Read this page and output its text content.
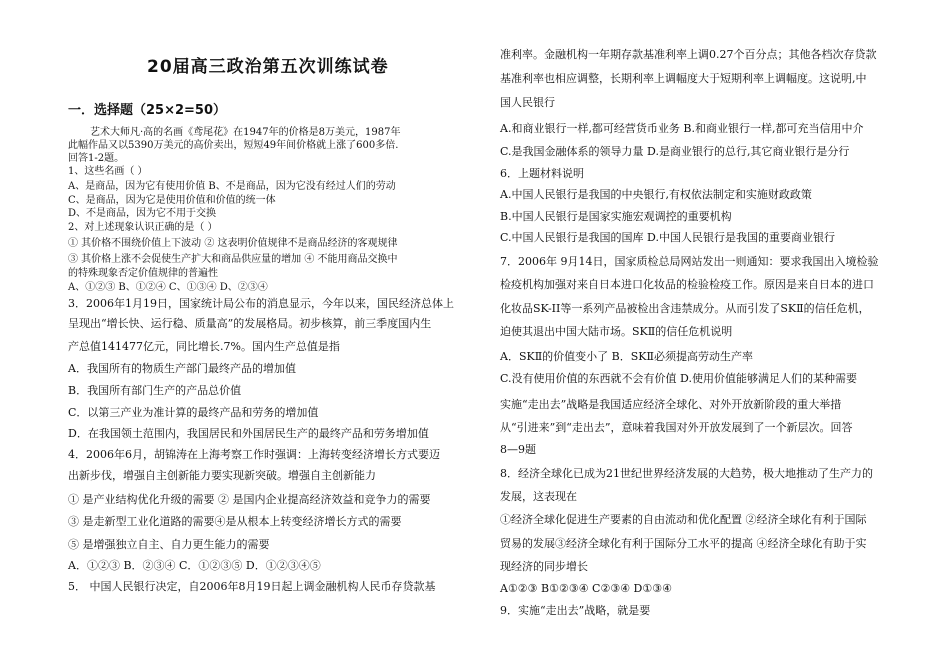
20届高三政治第五次训练试卷
一．选择题（25×2=50）
艺术大师凡·高的名画《鸢尾花》在1947年的价格是8万美元，1987年
此幅作品又以5390万美元的高价卖出，短短49年间价格就上涨了600多倍.
回答1-2题。
1、这些名画（ ）
A、是商品，因为它有使用价值 B、不是商品，因为它没有经过人们的劳动
C、是商品，因为它是使用价值和价值的统一体
D、不是商品，因为它不用于交换
2、对上述现象认识正确的是（ ）
① 其价格不围绕价值上下波动 ② 这表明价值规律不是商品经济的客观规律
③ 其价格上涨不会促使生产扩大和商品供应量的增加 ④ 不能用商品交换中
的特殊现象否定价值规律的普遍性
A、①②③ B、①②④ C、①③④ D、②③④
3．2006年1月19日，国家统计局公布的消息显示，今年以来，国民经济总体上
呈现出“增长快、运行稳、质量高”的发展格局。初步核算，前三季度国内生
产总值141477亿元，同比增长.7%。国内生产总值是指
A．我国所有的物质生产部门最终产品的增加值
B．我国所有部门生产的产品总价值
C．以第三产业为准计算的最终产品和劳务的增加值
D．在我国领土范围内，我国居民和外国居民生产的最终产品和劳务增加值
4．2006年6月，胡锦涛在上海考察工作时强调：上海转变经济增长方式要迈
出新步伐，增强自主创新能力要实现新突破。增强自主创新能力
① 是产业结构优化升级的需要 ② 是国内企业提高经济效益和竞争力的需要
③ 是走新型工业化道路的需要④是从根本上转变经济增长方式的需要
⑤ 是增强独立自主、自力更生能力的需要
A．①②③ B．②③④ C．①②③⑤ D．①②③④⑤
5． 中国人民银行决定，自2006年8月19日起上调金融机构人民币存贷款基
准利率。金融机构一年期存款基准利率上调0.27个百分点；其他各档次存贷款
基准利率也相应调整，长期利率上调幅度大于短期利率上调幅度。这说明,中
国人民银行
A.和商业银行一样,都可经营货币业务 B.和商业银行一样,都可充当信用中介
C.是我国金融体系的领导力量 D.是商业银行的总行,其它商业银行是分行
6．上题材料说明
A.中国人民银行是我国的中央银行,有权依法制定和实施财政政策
B.中国人民银行是国家实施宏观调控的重要机构
C.中国人民银行是我国的国库 D.中国人民银行是我国的重要商业银行
7．2006年 9月14日，国家质检总局网站发出一则通知：要求我国出入境检验
检疫机构加强对来自日本进口化妆品的检验检疫工作。原因是来自日本的进口
化妆品SK-II等一系列产品被检出含违禁成分。从而引发了SKⅡ的信任危机，
迫使其退出中国大陆市场。SKⅡ的信任危机说明
A．SKⅡ的价值变小了 B．SKⅡ必须提高劳动生产率
C.没有使用价值的东西就不会有价值 D.使用价值能够满足人们的某种需要
实施“走出去”战略是我国适应经济全球化、对外开放新阶段的重大举措
从“引进来”到“走出去”，意味着我国对外开放发展到了一个新层次。回答
8—9题
8．经济全球化已成为21世纪世界经济发展的大趋势，极大地推动了生产力的
发展，这表现在
①经济全球化促进生产要素的自由流动和优化配置 ②经济全球化有利于国际
贸易的发展③经济全球化有利于国际分工水平的提高 ④经济全球化有助于实
现经济的同步增长
A①②③ B①②③④ C②③④ D①③④
9．实施“走出去”战略，就是要
